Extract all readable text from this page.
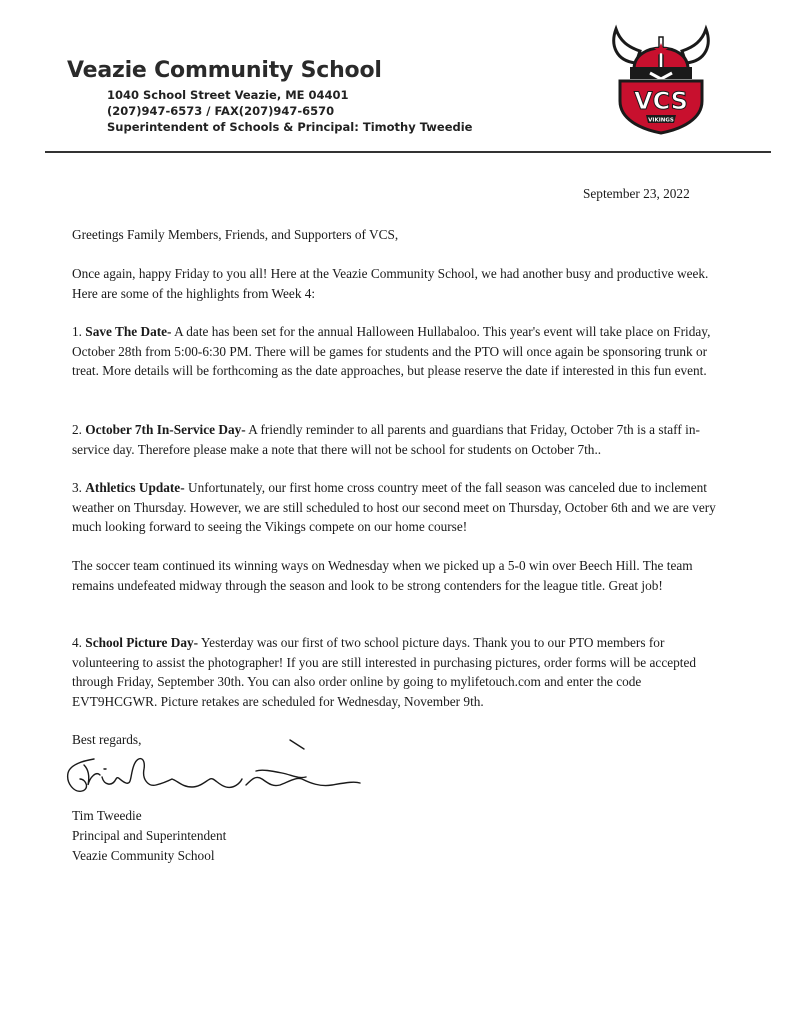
Veazie Community School
1040 School Street Veazie, ME 04401
(207)947-6573 / FAX(207)947-6570
Superintendent of Schools & Principal: Timothy Tweedie
VCS
VIKINGS
September 23, 2022

Greetings Family Members, Friends, and Supporters of VCS,

Once again, happy Friday to you all! Here at the Veazie Community School, we had another busy and productive week. Here are some of the highlights from Week 4:

1. Save The Date- A date has been set for the annual Halloween Hullabaloo. This year's event will take place on Friday, October 28th from 5:00-6:30 PM. There will be games for students and the PTO will once again be sponsoring trunk or treat. More details will be forthcoming as the date approaches, but please reserve the date if interested in this fun event.

2. October 7th In-Service Day- A friendly reminder to all parents and guardians that Friday, October 7th is a staff in-service day. Therefore please make a note that there will not be school for students on October 7th..

3. Athletics Update- Unfortunately, our first home cross country meet of the fall season was canceled due to inclement weather on Thursday. However, we are still scheduled to host our second meet on Thursday, October 6th and we are very much looking forward to seeing the Vikings compete on our home course!

The soccer team continued its winning ways on Wednesday when we picked up a 5-0 win over Beech Hill. The team remains undefeated midway through the season and look to be strong contenders for the league title. Great job!

4. School Picture Day- Yesterday was our first of two school picture days. Thank you to our PTO members for volunteering to assist the photographer! If you are still interested in purchasing pictures, order forms will be accepted through Friday, September 30th. You can also order online by going to mylifetouch.com and enter the code EVT9HCGWR. Picture retakes are scheduled for Wednesday, November 9th.

Best regards,
Tim Tweedie
Principal and Superintendent
Veazie Community School
